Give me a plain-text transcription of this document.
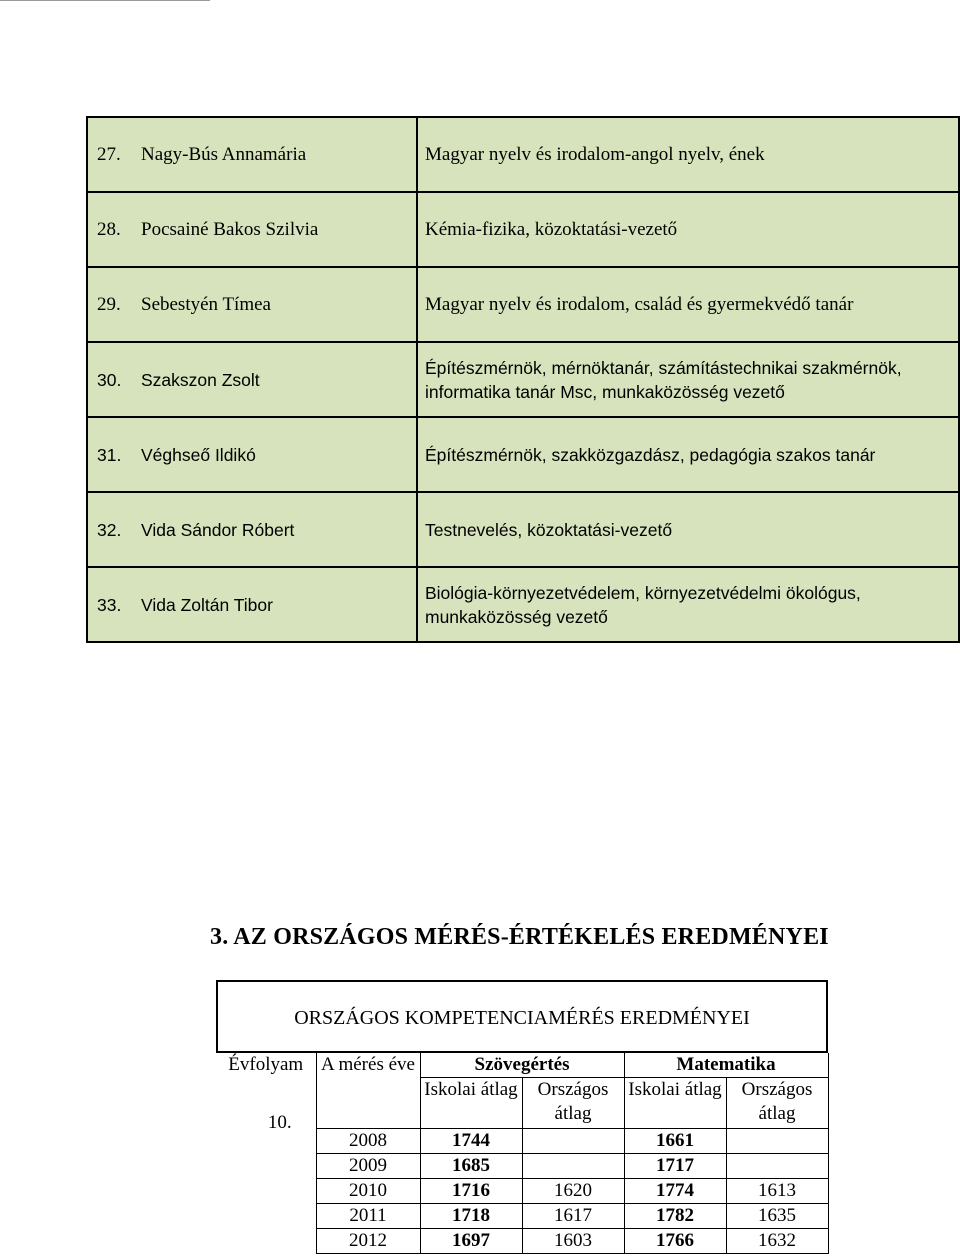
27.	Nagy-Bús Annamária	Magyar nyelv és irodalom-angol nyelv, ének
28.	Pocsainé Bakos Szilvia	Kémia-fizika, közoktatási-vezető
29.	Sebestyén Tímea	Magyar nyelv és irodalom, család és gyermekvédő tanár
30.	Szakszon Zsolt	Építészmérnök, mérnöktanár, számítástechnikai szakmérnök, informatika tanár Msc, munkaközösség vezető
31.	Véghseő Ildikó	Építészmérnök, szakközgazdász, pedagógia szakos tanár
32.	Vida Sándor Róbert	Testnevelés, közoktatási-vezető
33.	Vida Zoltán Tibor	Biológia-környezetvédelem, környezetvédelmi ökológus, munkaközösség vezető
3. AZ ORSZÁGOS MÉRÉS-ÉRTÉKELÉS EREDMÉNYEI

ORSZÁGOS KOMPETENCIAMÉRÉS EREDMÉNYEI

Évfolyam	A mérés éve	Szövegértés		Matematika	
		Iskolai átlag	Országos átlag	Iskolai átlag	Országos átlag

10.	2008	1744		1661	
	2009	1685		1717	
	2010	1716	1620	1774	1613
	2011	1718	1617	1782	1635
	2012	1697	1603	1766	1632
